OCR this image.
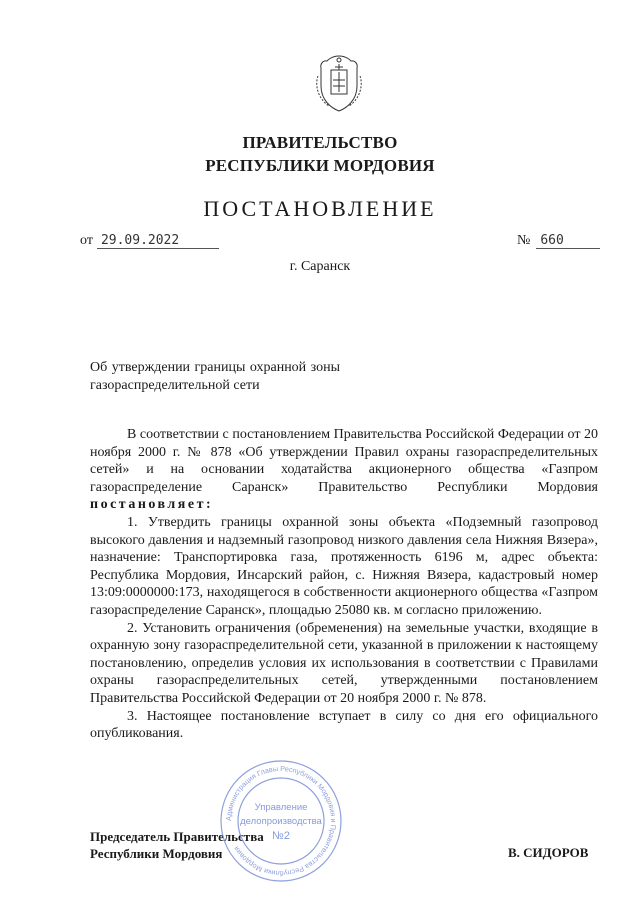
ПРАВИТЕЛЬСТВО
РЕСПУБЛИКИ МОРДОВИЯ
ПОСТАНОВЛЕНИЕ
от 29.09.2022	№ 660
г. Саранск
Об утверждении границы охранной зоны газораспределительной сети

В соответствии с постановлением Правительства Российской Федерации от 20 ноября 2000 г. № 878 «Об утверждении Правил охраны газораспределительных сетей» и на основании ходатайства акционерного общества «Газпром газораспределение Саранск» Правительство Республики Мордовия постановляет:

1. Утвердить границы охранной зоны объекта «Подземный газопровод высокого давления и надземный газопровод низкого давления села Нижняя Вязера», назначение: Транспортировка газа, протяженность 6196 м, адрес объекта: Республика Мордовия, Инсарский район, с. Нижняя Вязера, кадастровый номер 13:09:0000000:173, находящегося в собственности акционерного общества «Газпром газораспределение Саранск», площадью 25080 кв. м согласно приложению.

2. Установить ограничения (обременения) на земельные участки, входящие в охранную зону газораспределительной сети, указанной в приложении к настоящему постановлению, определив условия их использования в соответствии с Правилами охраны газораспределительных сетей, утвержденными постановлением Правительства Российской Федерации от 20 ноября 2000 г. № 878.

3. Настоящее постановление вступает в силу со дня его официального опубликования.

Председатель Правительства
Республики Мордовия	В. СИДОРОВ
Администрация Главы Республики Мордовия и Правительства Республики Мордовия
Управление
делопроизводства
№2
